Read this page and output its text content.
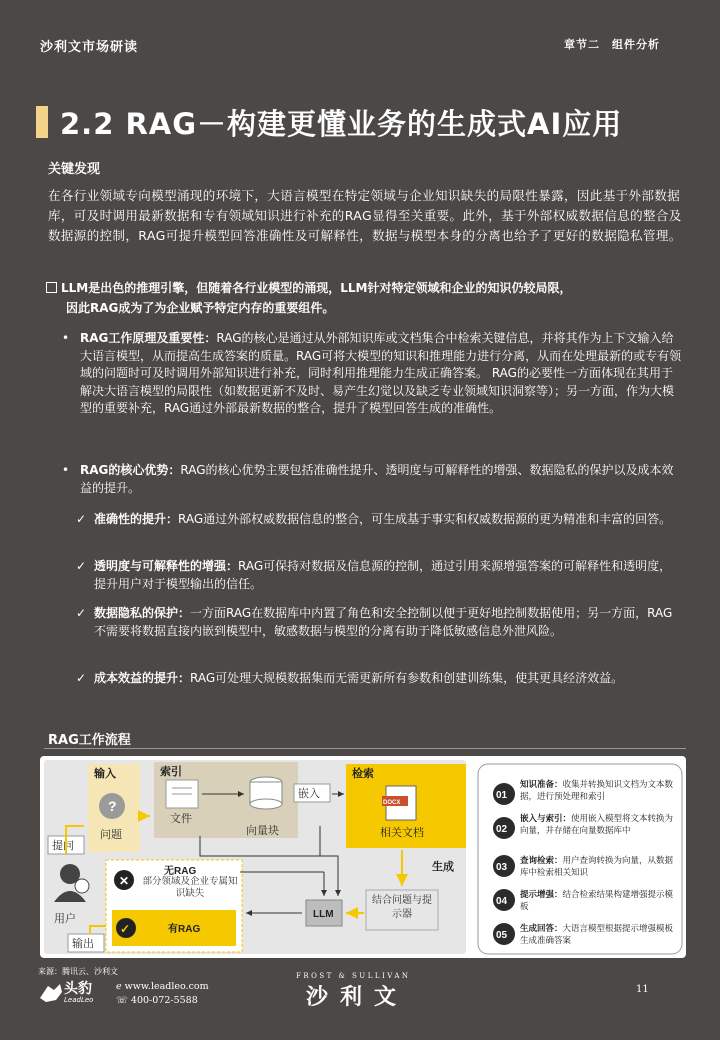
沙利文市场研读	章节二　组件分析
2.2 RAG－构建更懂业务的生成式AI应用
关键发现
在各行业领域专向模型涌现的环境下，大语言模型在特定领域与企业知识缺失的局限性暴露，因此基于外部数据库，可及时调用最新数据和专有领域知识进行补充的RAG显得至关重要。此外，基于外部权威数据信息的整合及数据源的控制，RAG可提升模型回答准确性及可解释性，数据与模型本身的分离也给予了更好的数据隐私管理。
LLM是出色的推理引擎，但随着各行业模型的涌现，LLM针对特定领域和企业的知识仍较局限，
因此RAG成为了为企业赋予特定内存的重要组件。
• RAG工作原理及重要性：RAG的核心是通过从外部知识库或文档集合中检索关键信息，并将其作为上下文输入给大语言模型，从而提高生成答案的质量。RAG可将大模型的知识和推理能力进行分离，从而在处理最新的或专有领域的问题时可及时调用外部知识进行补充，同时利用推理能力生成正确答案。 RAG的必要性一方面体现在其用于解决大语言模型的局限性（如数据更新不及时、易产生幻觉以及缺乏专业领域知识洞察等）；另一方面，作为大模型的重要补充，RAG通过外部最新数据的整合，提升了模型回答生成的准确性。
• RAG的核心优势：RAG的核心优势主要包括准确性提升、透明度与可解释性的增强、数据隐私的保护以及成本效益的提升。
✓ 准确性的提升：RAG通过外部权威数据信息的整合，可生成基于事实和权威数据源的更为精准和丰富的回答。
✓ 透明度与可解释性的增强：RAG可保持对数据及信息源的控制，通过引用来源增强答案的可解释性和透明度，提升用户对于模型输出的信任。
✓ 数据隐私的保护：一方面RAG在数据库中内置了角色和安全控制以便于更好地控制数据使用；另一方面，RAG不需要将数据直接内嵌到模型中，敏感数据与模型的分离有助于降低敏感信息外泄风险。
✓ 成本效益的提升：RAG可处理大规模数据集而无需更新所有参数和创建训练集，使其更具经济效益。
RAG工作流程
输入
?
问题
索引
文件
向量块
嵌入
检索
DOCX
相关文档
提问
用户
输出
✕
无RAG
部分领域及企业专属知识缺失
✓	有RAG
LLM
生成
结合问题与提示器
01
知识准备：收集并转换知识文档为文本数据，进行预处理和索引
02
嵌入与索引：使用嵌入模型将文本转换为向量，并存储在向量数据库中
03
查询检索：用户查询转换为向量，从数据库中检索相关知识
04
提示增强：结合检索结果构建增强提示模板
05
生成回答：大语言模型根据提示增强模板生成准确答案
来源：腾讯云、沙利文
头豹
LeadLeo
ℯ www.leadleo.com
☏ 400-072-5588
FROST & SULLIVAN
沙利文	11
